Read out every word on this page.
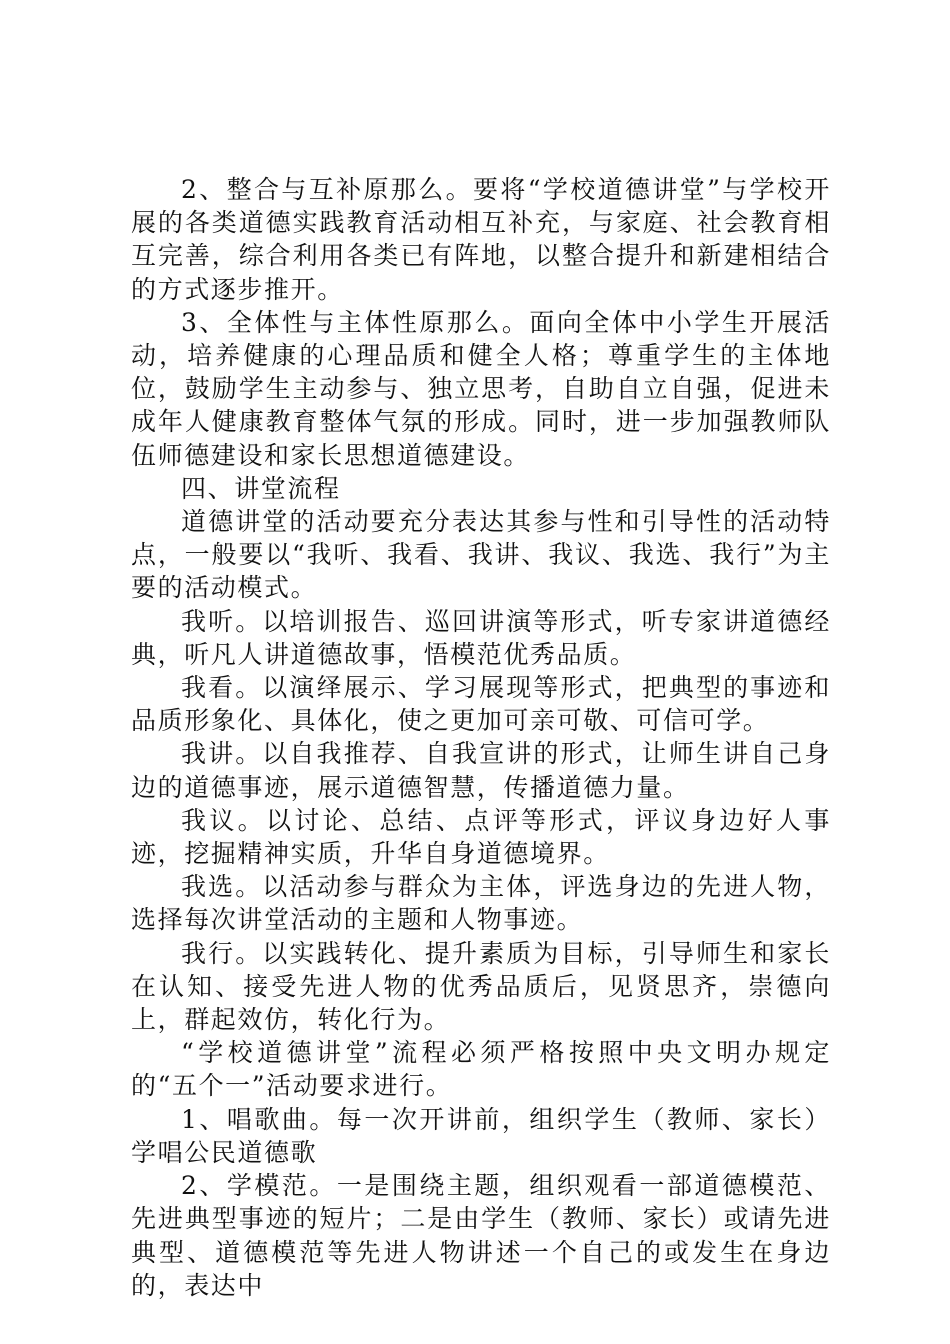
2、整合与互补原那么。要将“学校道德讲堂”与学校开展的各类道德实践教育活动相互补充，与家庭、社会教育相互完善，综合利用各类已有阵地，以整合提升和新建相结合的方式逐步推开。

3、全体性与主体性原那么。面向全体中小学生开展活动，培养健康的心理品质和健全人格；尊重学生的主体地位，鼓励学生主动参与、独立思考，自助自立自强，促进未成年人健康教育整体气氛的形成。同时，进一步加强教师队伍师德建设和家长思想道德建设。

四、讲堂流程

道德讲堂的活动要充分表达其参与性和引导性的活动特点，一般要以“我听、我看、我讲、我议、我选、我行”为主要的活动模式。

我听。以培训报告、巡回讲演等形式，听专家讲道德经典，听凡人讲道德故事，悟模范优秀品质。

我看。以演绎展示、学习展现等形式，把典型的事迹和品质形象化、具体化，使之更加可亲可敬、可信可学。

我讲。以自我推荐、自我宣讲的形式，让师生讲自己身边的道德事迹，展示道德智慧，传播道德力量。

我议。以讨论、总结、点评等形式，评议身边好人事迹，挖掘精神实质，升华自身道德境界。

我选。以活动参与群众为主体，评选身边的先进人物，选择每次讲堂活动的主题和人物事迹。

我行。以实践转化、提升素质为目标，引导师生和家长在认知、接受先进人物的优秀品质后，见贤思齐，崇德向上，群起效仿，转化行为。

“学校道德讲堂”流程必须严格按照中央文明办规定的“五个一”活动要求进行。

1、唱歌曲。每一次开讲前，组织学生（教师、家长）学唱公民道德歌

2、学模范。一是围绕主题，组织观看一部道德模范、先进典型事迹的短片；二是由学生（教师、家长）或请先进典型、道德模范等先进人物讲述一个自己的或发生在身边的，表达中
